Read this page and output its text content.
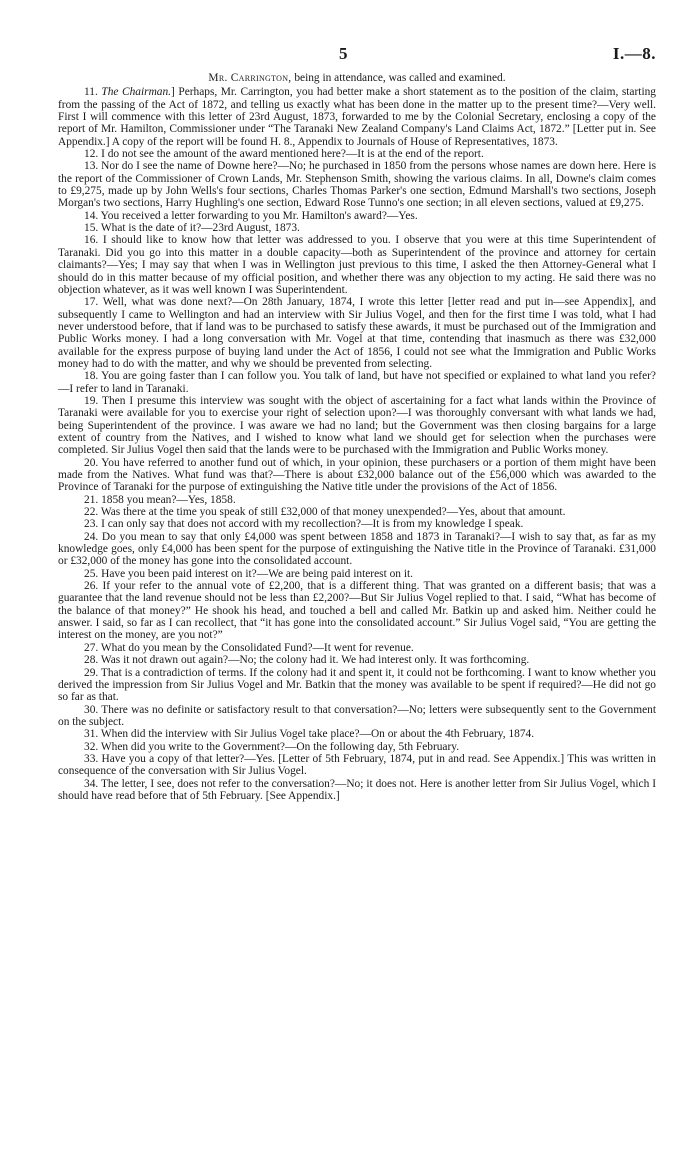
5	I.—8.

Mr. Carrington, being in attendance, was called and examined.

11. The Chairman.] Perhaps, Mr. Carrington, you had better make a short statement as to the position of the claim, starting from the passing of the Act of 1872, and telling us exactly what has been done in the matter up to the present time?—Very well. First I will commence with this letter of 23rd August, 1873, forwarded to me by the Colonial Secretary, enclosing a copy of the report of Mr. Hamilton, Commissioner under “The Taranaki New Zealand Company's Land Claims Act, 1872.” [Letter put in. See Appendix.] A copy of the report will be found H. 8., Appendix to Journals of House of Representatives, 1873.

12. I do not see the amount of the award mentioned here?—It is at the end of the report.

13. Nor do I see the name of Downe here?—No; he purchased in 1850 from the persons whose names are down here. Here is the report of the Commissioner of Crown Lands, Mr. Stephenson Smith, showing the various claims. In all, Downe's claim comes to £9,275, made up by John Wells's four sections, Charles Thomas Parker's one section, Edmund Marshall's two sections, Joseph Morgan's two sections, Harry Hughling's one section, Edward Rose Tunno's one section; in all eleven sections, valued at £9,275.

14. You received a letter forwarding to you Mr. Hamilton's award?—Yes.

15. What is the date of it?—23rd August, 1873.

16. I should like to know how that letter was addressed to you. I observe that you were at this time Superintendent of Taranaki. Did you go into this matter in a double capacity—both as Superintendent of the province and attorney for certain claimants?—Yes; I may say that when I was in Wellington just previous to this time, I asked the then Attorney-General what I should do in this matter because of my official position, and whether there was any objection to my acting. He said there was no objection whatever, as it was well known I was Superintendent.

17. Well, what was done next?—On 28th January, 1874, I wrote this letter [letter read and put in—see Appendix], and subsequently I came to Wellington and had an interview with Sir Julius Vogel, and then for the first time I was told, what I had never understood before, that if land was to be purchased to satisfy these awards, it must be purchased out of the Immigration and Public Works money. I had a long conversation with Mr. Vogel at that time, contending that inasmuch as there was £32,000 available for the express purpose of buying land under the Act of 1856, I could not see what the Immigration and Public Works money had to do with the matter, and why we should be prevented from selecting.

18. You are going faster than I can follow you. You talk of land, but have not specified or explained to what land you refer?—I refer to land in Taranaki.

19. Then I presume this interview was sought with the object of ascertaining for a fact what lands within the Province of Taranaki were available for you to exercise your right of selection upon?—I was thoroughly conversant with what lands we had, being Superintendent of the province. I was aware we had no land; but the Government was then closing bargains for a large extent of country from the Natives, and I wished to know what land we should get for selection when the purchases were completed. Sir Julius Vogel then said that the lands were to be purchased with the Immigration and Public Works money.

20. You have referred to another fund out of which, in your opinion, these purchasers or a portion of them might have been made from the Natives. What fund was that?—There is about £32,000 balance out of the £56,000 which was awarded to the Province of Taranaki for the purpose of extinguishing the Native title under the provisions of the Act of 1856.

21. 1858 you mean?—Yes, 1858.

22. Was there at the time you speak of still £32,000 of that money unexpended?—Yes, about that amount.

23. I can only say that does not accord with my recollection?—It is from my knowledge I speak.

24. Do you mean to say that only £4,000 was spent between 1858 and 1873 in Taranaki?—I wish to say that, as far as my knowledge goes, only £4,000 has been spent for the purpose of extinguishing the Native title in the Province of Taranaki. £31,000 or £32,000 of the money has gone into the consolidated account.

25. Have you been paid interest on it?—We are being paid interest on it.

26. If your refer to the annual vote of £2,200, that is a different thing. That was granted on a different basis; that was a guarantee that the land revenue should not be less than £2,200?—But Sir Julius Vogel replied to that. I said, “What has become of the balance of that money?” He shook his head, and touched a bell and called Mr. Batkin up and asked him. Neither could he answer. I said, so far as I can recollect, that “it has gone into the consolidated account.” Sir Julius Vogel said, “You are getting the interest on the money, are you not?”

27. What do you mean by the Consolidated Fund?—It went for revenue.

28. Was it not drawn out again?—No; the colony had it. We had interest only. It was forthcoming.

29. That is a contradiction of terms. If the colony had it and spent it, it could not be forthcoming. I want to know whether you derived the impression from Sir Julius Vogel and Mr. Batkin that the money was available to be spent if required?—He did not go so far as that.

30. There was no definite or satisfactory result to that conversation?—No; letters were subsequently sent to the Government on the subject.

31. When did the interview with Sir Julius Vogel take place?—On or about the 4th February, 1874.

32. When did you write to the Government?—On the following day, 5th February.

33. Have you a copy of that letter?—Yes. [Letter of 5th February, 1874, put in and read. See Appendix.] This was written in consequence of the conversation with Sir Julius Vogel.

34. The letter, I see, does not refer to the conversation?—No; it does not. Here is another letter from Sir Julius Vogel, which I should have read before that of 5th February. [See Appendix.]
